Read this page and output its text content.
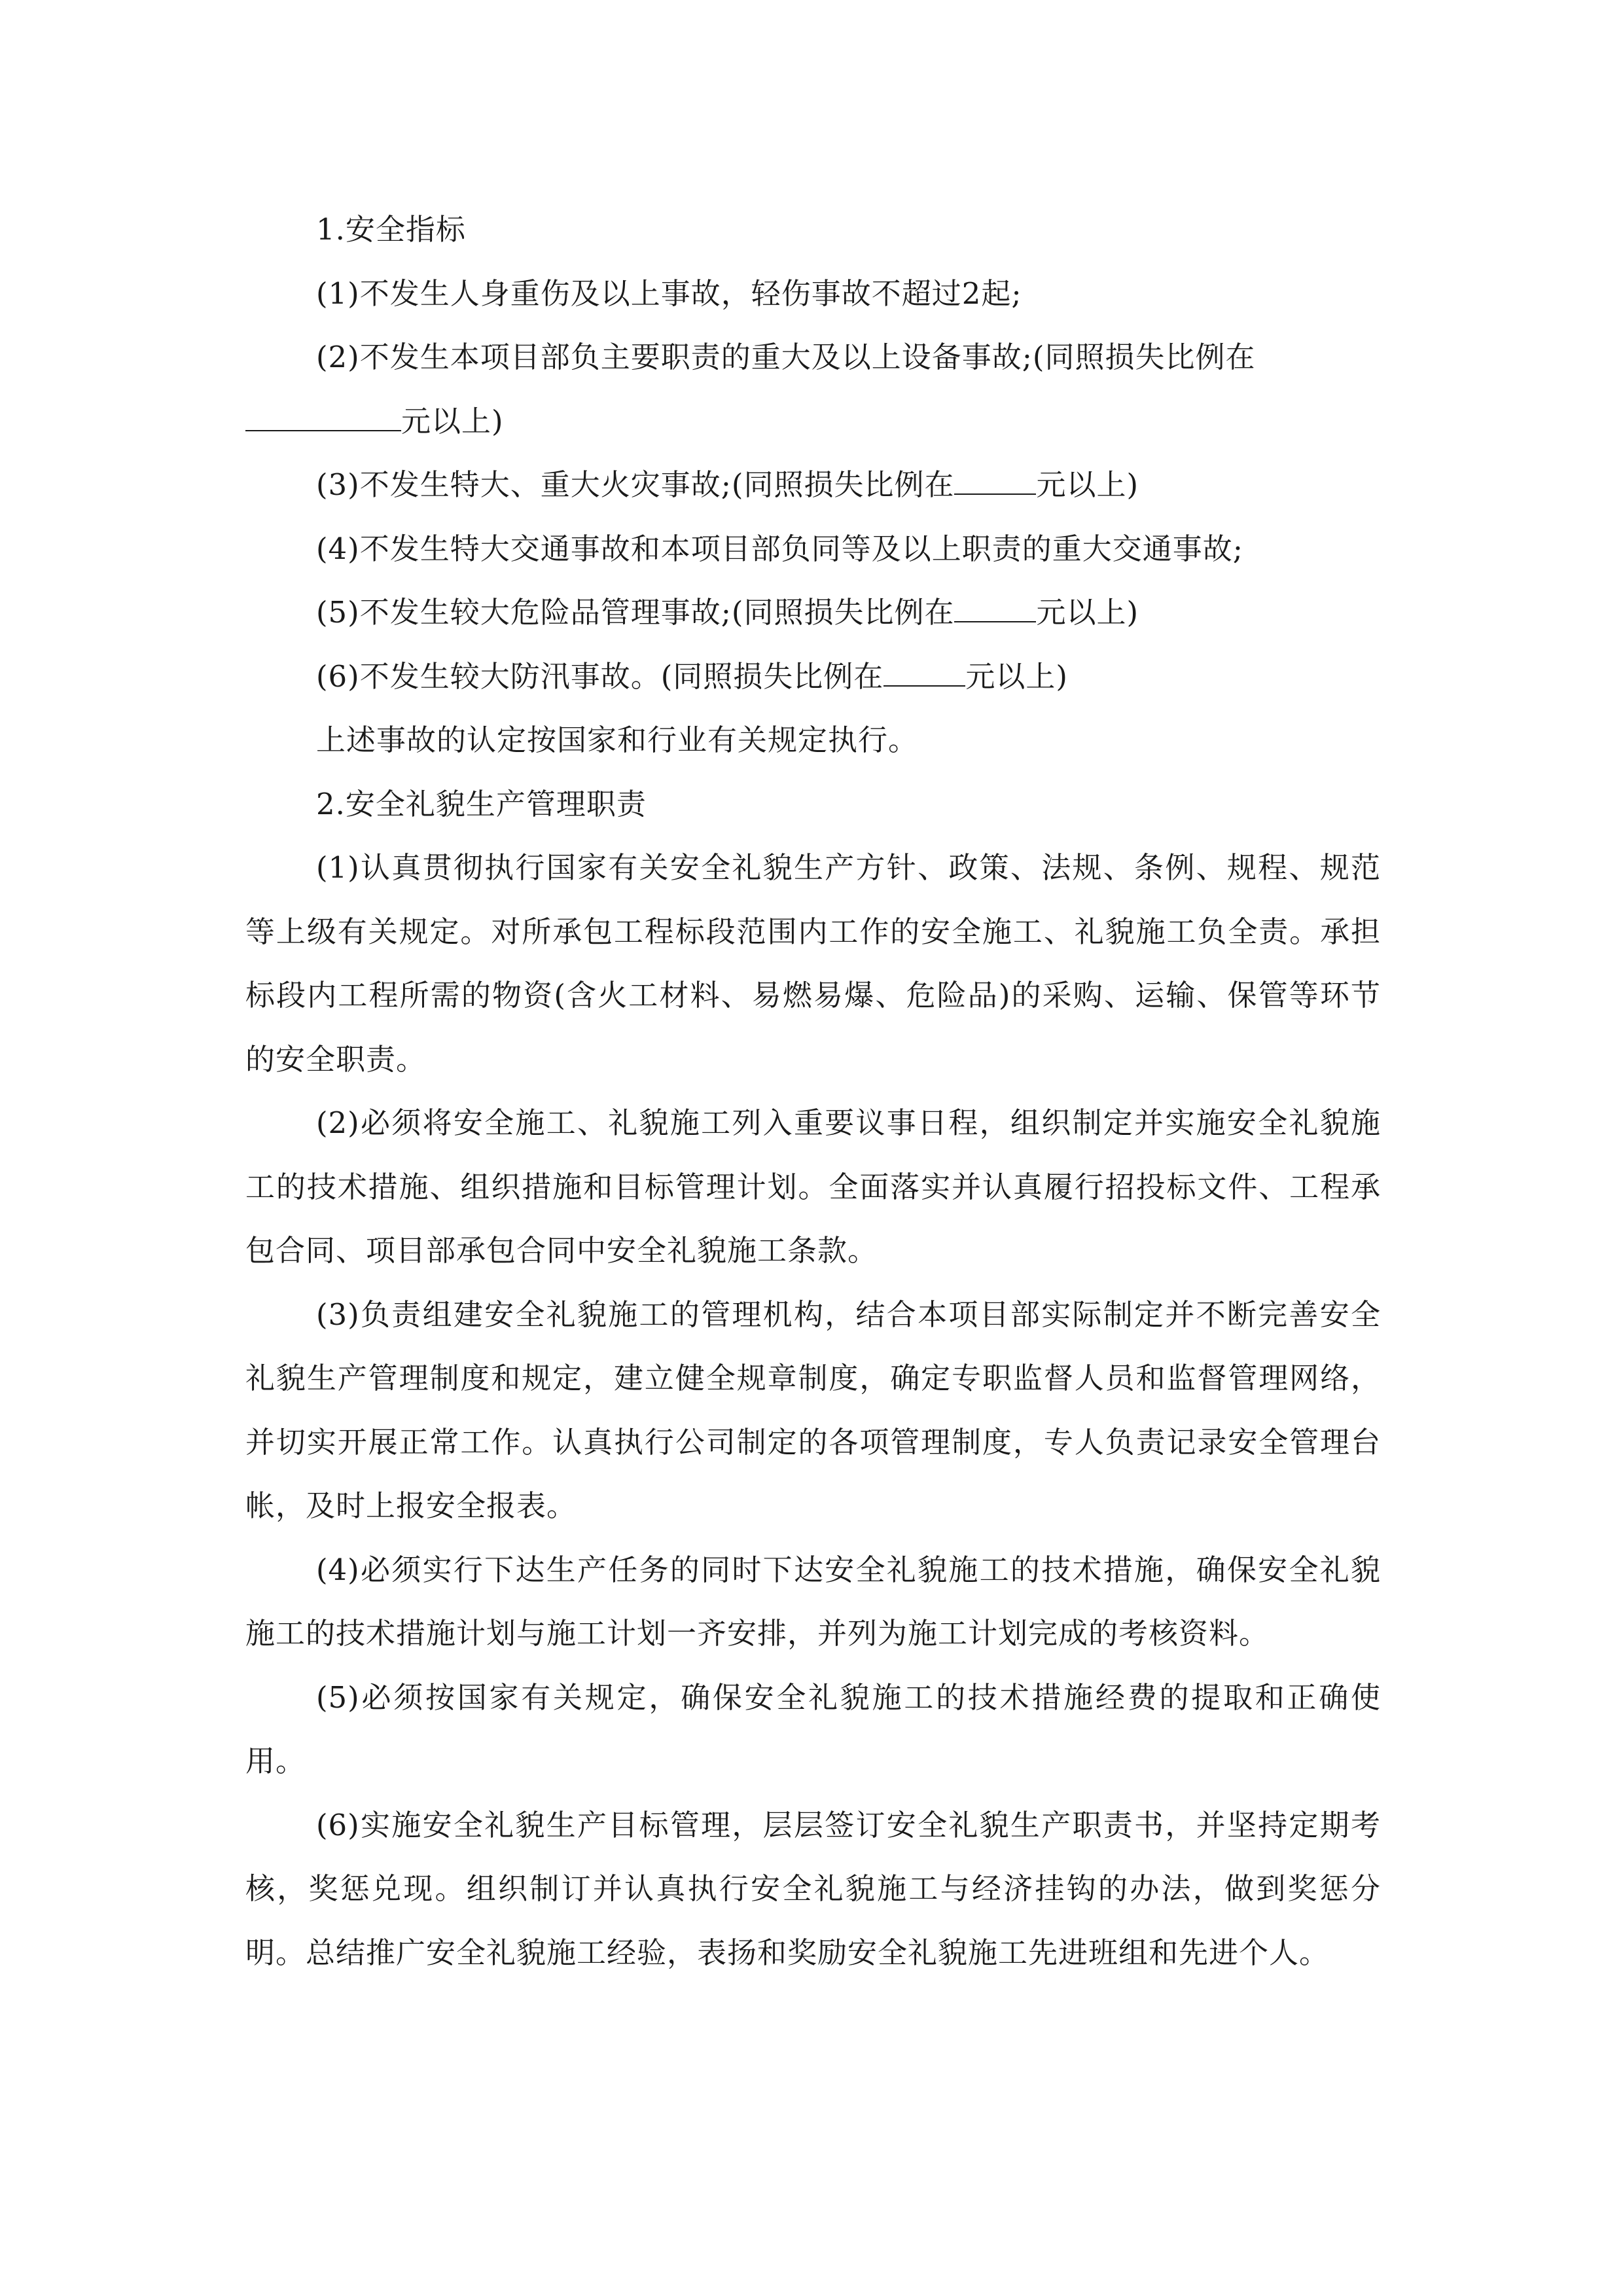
1.安全指标

(1)不发生人身重伤及以上事故，轻伤事故不超过2起;

(2)不发生本项目部负主要职责的重大及以上设备事故;(同照损失比例在
元以上)

(3)不发生特大、重大火灾事故;(同照损失比例在	元以上)

(4)不发生特大交通事故和本项目部负同等及以上职责的重大交通事故;

(5)不发生较大危险品管理事故;(同照损失比例在	元以上)

(6)不发生较大防汛事故。(同照损失比例在	元以上)

上述事故的认定按国家和行业有关规定执行。

2.安全礼貌生产管理职责

(1)认真贯彻执行国家有关安全礼貌生产方针、政策、法规、条例、规程、规范等上级有关规定。对所承包工程标段范围内工作的安全施工、礼貌施工负全责。承担标段内工程所需的物资(含火工材料、易燃易爆、危险品)的采购、运输、保管等环节的安全职责。

(2)必须将安全施工、礼貌施工列入重要议事日程，组织制定并实施安全礼貌施工的技术措施、组织措施和目标管理计划。全面落实并认真履行招投标文件、工程承包合同、项目部承包合同中安全礼貌施工条款。

(3)负责组建安全礼貌施工的管理机构，结合本项目部实际制定并不断完善安全礼貌生产管理制度和规定，建立健全规章制度，确定专职监督人员和监督管理网络，并切实开展正常工作。认真执行公司制定的各项管理制度，专人负责记录安全管理台帐，及时上报安全报表。

(4)必须实行下达生产任务的同时下达安全礼貌施工的技术措施，确保安全礼貌施工的技术措施计划与施工计划一齐安排，并列为施工计划完成的考核资料。

(5)必须按国家有关规定，确保安全礼貌施工的技术措施经费的提取和正确使用。

(6)实施安全礼貌生产目标管理，层层签订安全礼貌生产职责书，并坚持定期考核，奖惩兑现。组织制订并认真执行安全礼貌施工与经济挂钩的办法，做到奖惩分明。总结推广安全礼貌施工经验，表扬和奖励安全礼貌施工先进班组和先进个人。
